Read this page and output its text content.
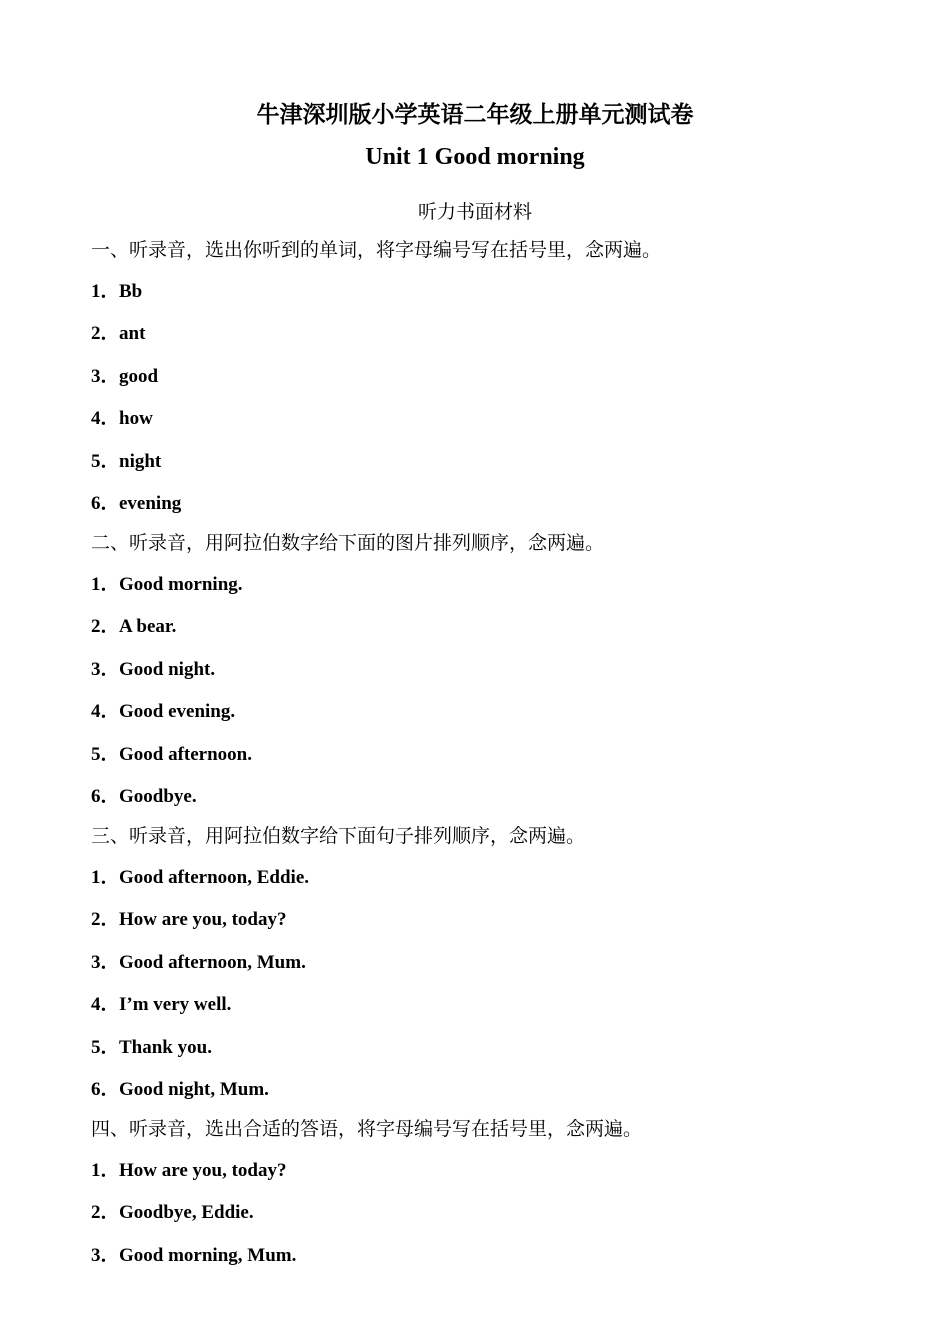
牛津深圳版小学英语二年级上册单元测试卷
Unit 1 Good morning
听力书面材料
一、听录音，选出你听到的单词，将字母编号写在括号里，念两遍。
1．Bb
2．ant
3．good
4．how
5．night
6．evening
二、听录音，用阿拉伯数字给下面的图片排列顺序，念两遍。
1．Good morning.
2．A bear.
3．Good night.
4．Good evening.
5．Good afternoon.
6．Goodbye.
三、听录音，用阿拉伯数字给下面句子排列顺序，念两遍。
1．Good afternoon, Eddie.
2．How are you, today?
3．Good afternoon, Mum.
4．I’m very well.
5．Thank you.
6．Good night, Mum.
四、听录音，选出合适的答语，将字母编号写在括号里，念两遍。
1．How are you, today?
2．Goodbye, Eddie.
3．Good morning, Mum.
